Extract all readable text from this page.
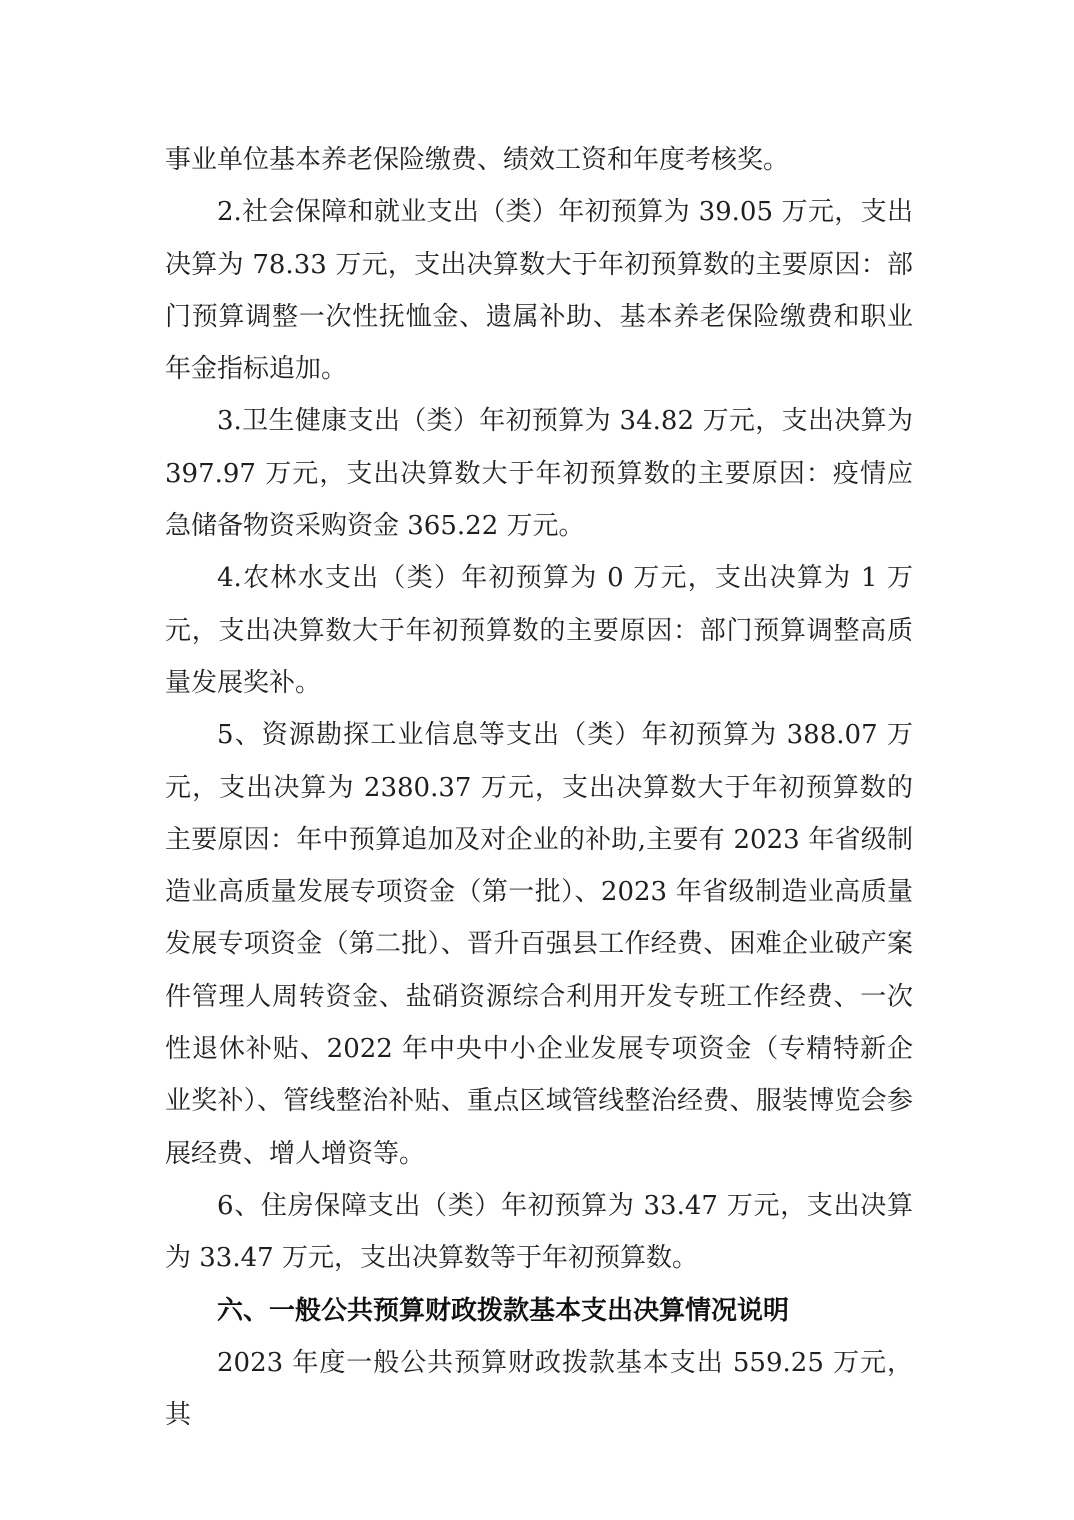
事业单位基本养老保险缴费、绩效工资和年度考核奖。

2.社会保障和就业支出（类）年初预算为 39.05 万元，支出决算为 78.33 万元，支出决算数大于年初预算数的主要原因：部门预算调整一次性抚恤金、遗属补助、基本养老保险缴费和职业年金指标追加。

3.卫生健康支出（类）年初预算为 34.82 万元，支出决算为 397.97 万元，支出决算数大于年初预算数的主要原因：疫情应急储备物资采购资金 365.22 万元。

4.农林水支出（类）年初预算为 0 万元，支出决算为 1 万元，支出决算数大于年初预算数的主要原因：部门预算调整高质量发展奖补。

5、资源勘探工业信息等支出（类）年初预算为 388.07 万元，支出决算为 2380.37 万元，支出决算数大于年初预算数的主要原因：年中预算追加及对企业的补助,主要有 2023 年省级制造业高质量发展专项资金（第一批）、2023 年省级制造业高质量发展专项资金（第二批）、晋升百强县工作经费、困难企业破产案件管理人周转资金、盐硝资源综合利用开发专班工作经费、一次性退休补贴、2022 年中央中小企业发展专项资金（专精特新企业奖补）、管线整治补贴、重点区域管线整治经费、服装博览会参展经费、增人增资等。

6、住房保障支出（类）年初预算为 33.47 万元，支出决算为 33.47 万元，支出决算数等于年初预算数。

六、一般公共预算财政拨款基本支出决算情况说明

2023 年度一般公共预算财政拨款基本支出 559.25 万元，其
